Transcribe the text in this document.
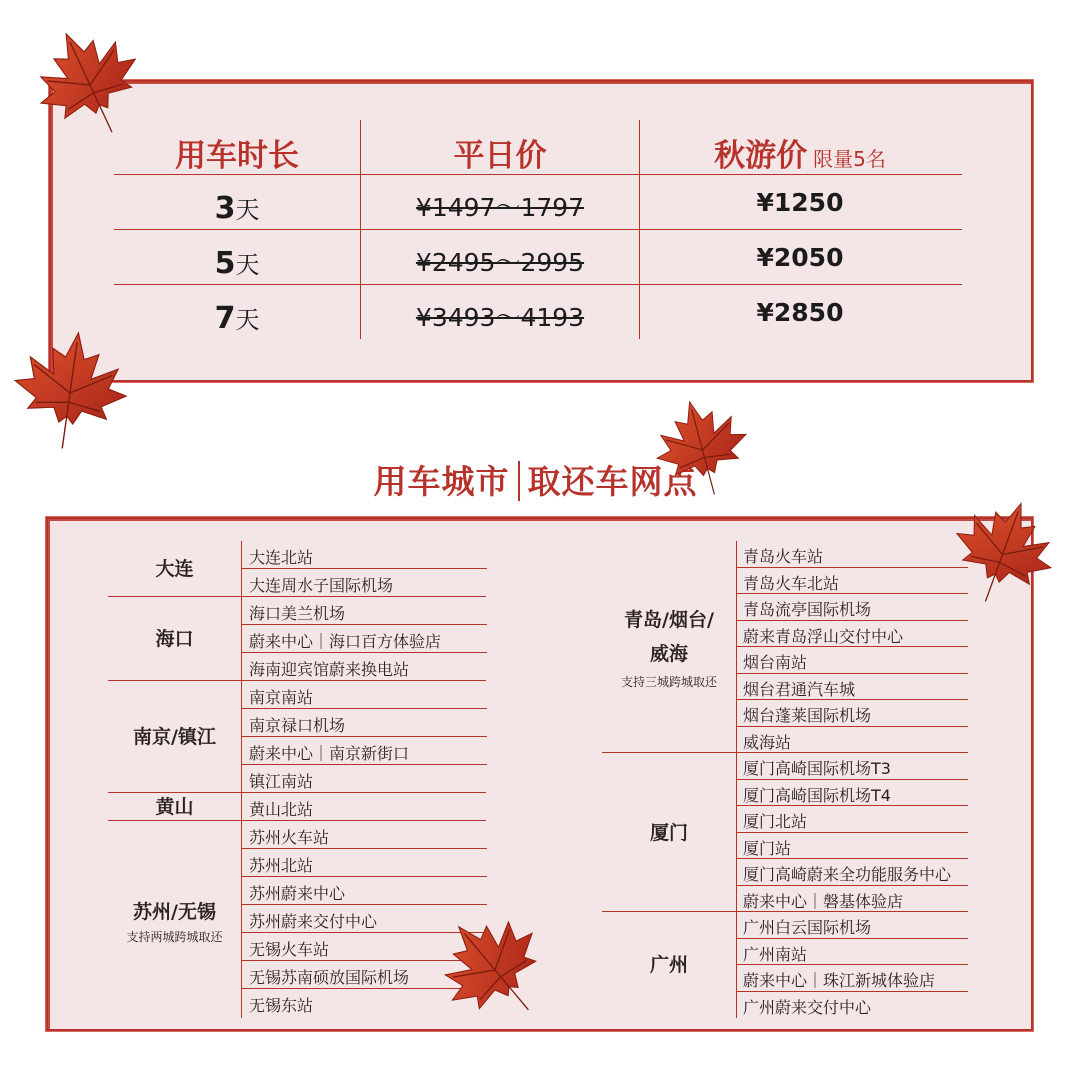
用车时长	平日价	秋游价 限量5名
3天
5天
7天
¥1497～1797
¥2495～2995
¥3493～4193
¥1250
¥2050
¥2850
用车城市 取还车网点
大连北站
大连周水子国际机场
大连
海口美兰机场
蔚来中心｜海口百方体验店
海南迎宾馆蔚来换电站
海口
南京南站
南京禄口机场
蔚来中心｜南京新街口
镇江南站
南京/镇江
黄山北站
黄山
苏州火车站
苏州北站
苏州蔚来中心
苏州蔚来交付中心
无锡火车站
无锡苏南硕放国际机场
无锡东站
苏州/无锡
支持两城跨城取还
青岛火车站
青岛火车北站
青岛流亭国际机场
蔚来青岛浮山交付中心
烟台南站
烟台君通汽车城
烟台蓬莱国际机场
威海站
青岛/烟台/
威海
支持三城跨城取还
厦门高崎国际机场T3
厦门高崎国际机场T4
厦门北站
厦门站
厦门高崎蔚来全功能服务中心
蔚来中心｜磐基体验店
厦门
广州白云国际机场
广州南站
蔚来中心｜珠江新城体验店
广州蔚来交付中心
广州
